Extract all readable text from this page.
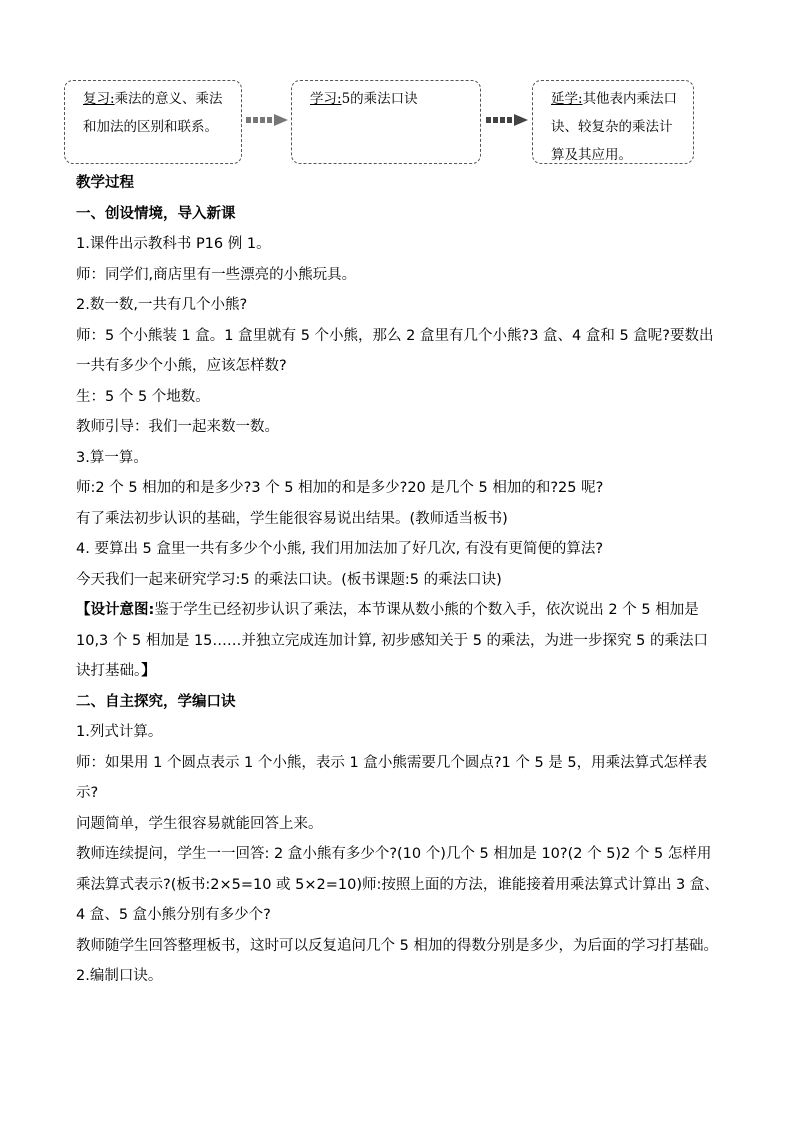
复习:乘法的意义、乘法和加法的区别和联系。
学习:5的乘法口诀	延学:其他表内乘法口诀、较复杂的乘法计算及其应用。

教学过程

一、创设情境，导入新课

1.课件出示教科书 P16 例 1。

师：同学们,商店里有一些漂亮的小熊玩具。

2.数一数,一共有几个小熊?

师：5 个小熊装 1 盒。1 盒里就有 5 个小熊，那么 2 盒里有几个小熊?3 盒、4 盒和 5 盒呢?要数出一共有多少个小熊，应该怎样数?

生：5 个 5 个地数。

教师引导：我们一起来数一数。

3.算一算。

师:2 个 5 相加的和是多少?3 个 5 相加的和是多少?20 是几个 5 相加的和?25 呢?

有了乘法初步认识的基础，学生能很容易说出结果。(教师适当板书)

4. 要算出 5 盒里一共有多少个小熊, 我们用加法加了好几次, 有没有更简便的算法?

今天我们一起来研究学习:5 的乘法口诀。(板书课题:5 的乘法口诀)

【设计意图:鉴于学生已经初步认识了乘法，本节课从数小熊的个数入手，依次说出 2 个 5 相加是 10,3 个 5 相加是 15……并独立完成连加计算, 初步感知关于 5 的乘法，为进一步探究 5 的乘法口诀打基础。】

二、自主探究，学编口诀

1.列式计算。

师：如果用 1 个圆点表示 1 个小熊，表示 1 盒小熊需要几个圆点?1 个 5 是 5，用乘法算式怎样表示?

问题简单，学生很容易就能回答上来。

教师连续提问，学生一一回答: 2 盒小熊有多少个?(10 个)几个 5 相加是 10?(2 个 5)2 个 5 怎样用乘法算式表示?(板书:2×5=10 或 5×2=10)师:按照上面的方法，谁能接着用乘法算式计算出 3 盒、4 盒、5 盒小熊分别有多少个?

教师随学生回答整理板书，这时可以反复追问几个 5 相加的得数分别是多少，为后面的学习打基础。

2.编制口诀。
